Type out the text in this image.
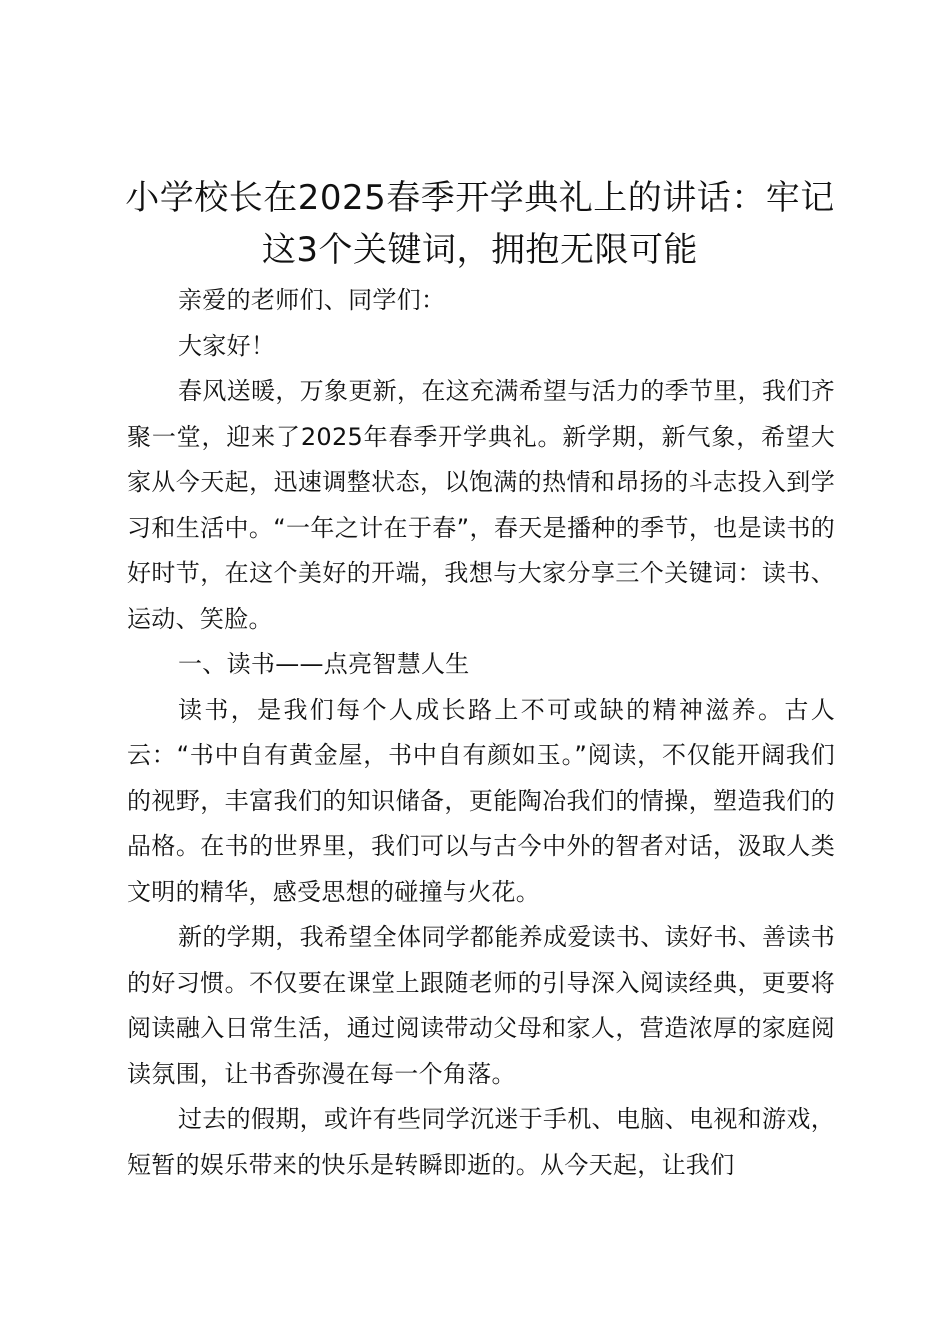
小学校长在2025春季开学典礼上的讲话：牢记这3个关键词，拥抱无限可能

亲爱的老师们、同学们：

大家好！

春风送暖，万象更新，在这充满希望与活力的季节里，我们齐聚一堂，迎来了2025年春季开学典礼。新学期，新气象，希望大家从今天起，迅速调整状态，以饱满的热情和昂扬的斗志投入到学习和生活中。“一年之计在于春”，春天是播种的季节，也是读书的好时节，在这个美好的开端，我想与大家分享三个关键词：读书、运动、笑脸。

一、读书——点亮智慧人生

读书，是我们每个人成长路上不可或缺的精神滋养。古人云：“书中自有黄金屋，书中自有颜如玉。”阅读，不仅能开阔我们的视野，丰富我们的知识储备，更能陶冶我们的情操，塑造我们的品格。在书的世界里，我们可以与古今中外的智者对话，汲取人类文明的精华，感受思想的碰撞与火花。

新的学期，我希望全体同学都能养成爱读书、读好书、善读书的好习惯。不仅要在课堂上跟随老师的引导深入阅读经典，更要将阅读融入日常生活，通过阅读带动父母和家人，营造浓厚的家庭阅读氛围，让书香弥漫在每一个角落。

过去的假期，或许有些同学沉迷于手机、电脑、电视和游戏，短暂的娱乐带来的快乐是转瞬即逝的。从今天起，让我们
